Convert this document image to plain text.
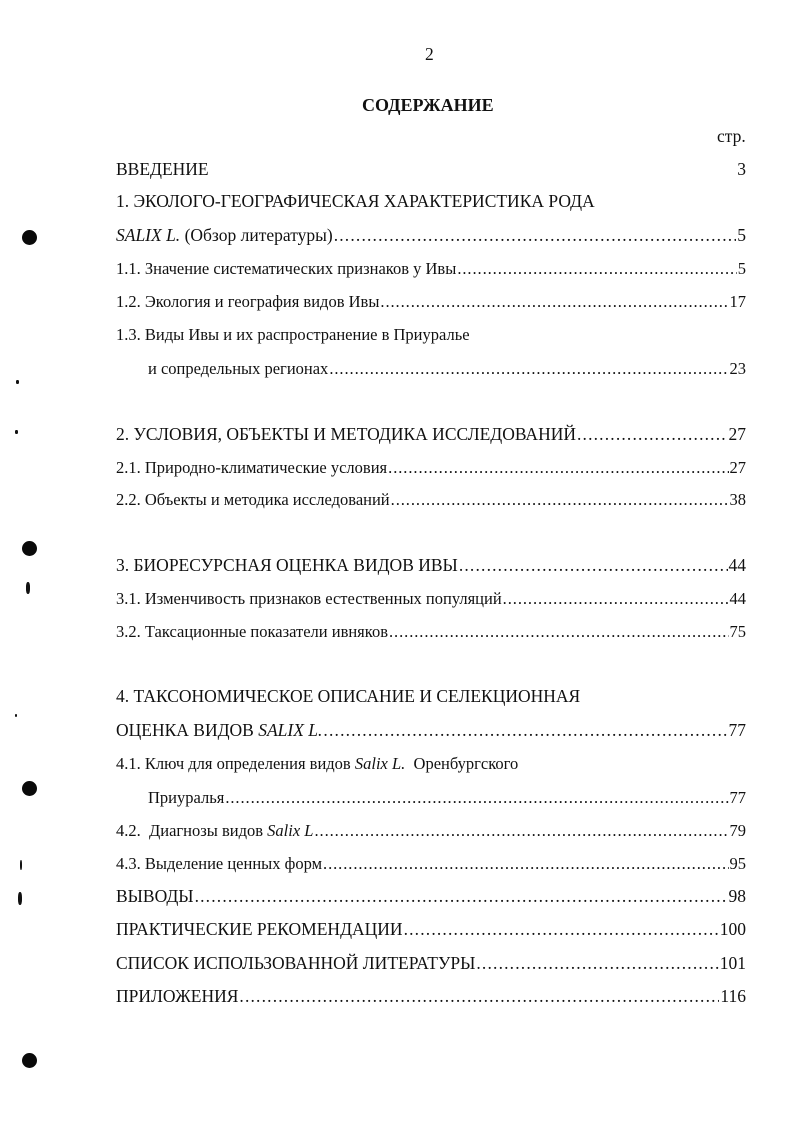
2
СОДЕРЖАНИЕ
стр.
ВВЕДЕНИЕ	3
1. ЭКОЛОГО-ГЕОГРАФИЧЕСКАЯ ХАРАКТЕРИСТИКА РОДА
SALIX L. (Обзор литературы) . . .	5
1.1. Значение систематических признаков у Ивы . . .	5
1.2. Экология и география видов Ивы . . .	17
1.3. Виды Ивы и их распространение в Приуралье
и сопредельных регионах . . .	23
2. УСЛОВИЯ, ОБЪЕКТЫ И МЕТОДИКА ИССЛЕДОВАНИЙ . . .	27
2.1. Природно-климатические условия . . .	27
2.2. Объекты и методика исследований . . .	38
3. БИОРЕСУРСНАЯ ОЦЕНКА ВИДОВ ИВЫ . . .	44
3.1. Изменчивость признаков естественных популяций . . .	44
3.2. Таксационные показатели ивняков . . .	75
4. ТАКСОНОМИЧЕСКОЕ ОПИСАНИЕ И СЕЛЕКЦИОННАЯ
ОЦЕНКА ВИДОВ SALIX L. . . .	77
4.1. Ключ для определения видов Salix L.  Оренбургского
Приуралья . . .	77
4.2.  Диагнозы видов Salix L . . .	79
4.3. Выделение ценных форм . . .	95
ВЫВОДЫ . . .	98
ПРАКТИЧЕСКИЕ РЕКОМЕНДАЦИИ . . .	100
СПИСОК ИСПОЛЬЗОВАННОЙ ЛИТЕРАТУРЫ . . .	101
ПРИЛОЖЕНИЯ . . .	116
